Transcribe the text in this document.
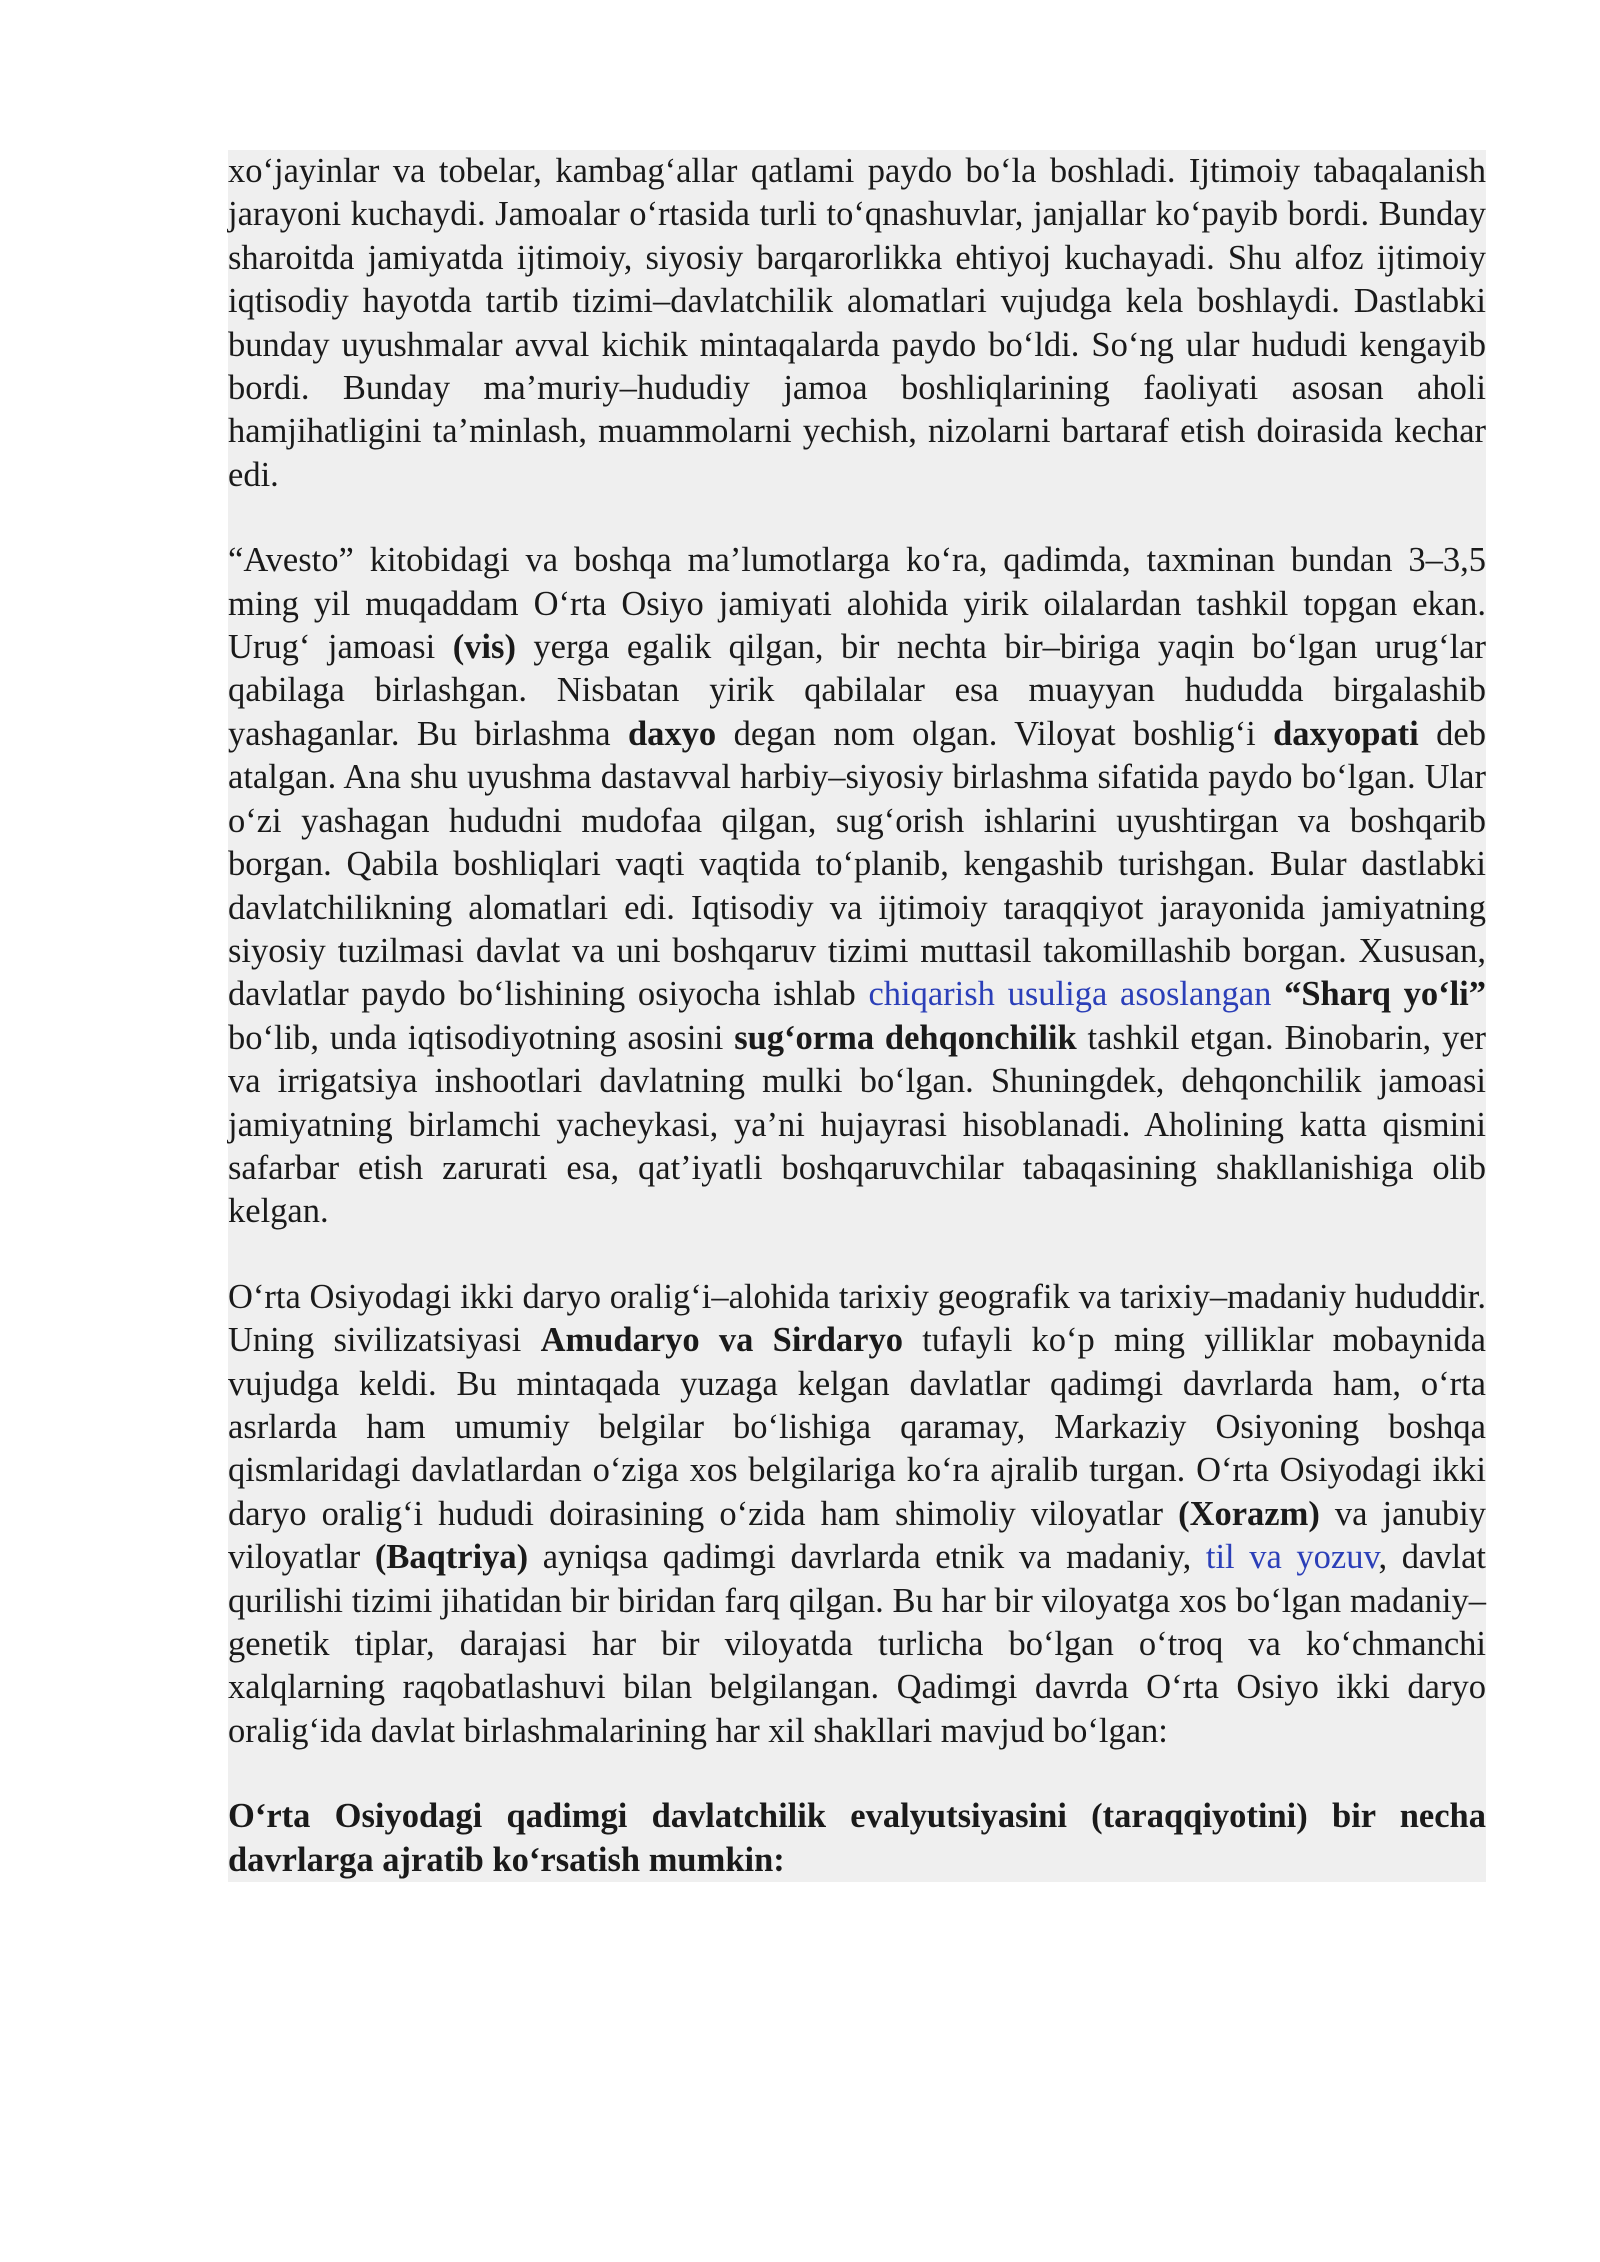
xo‘jayinlar va tobelar, kambag‘allar qatlami paydo bo‘la boshladi. Ijtimoiy tabaqalanish jarayoni kuchaydi. Jamoalar o‘rtasida turli to‘qnashuvlar, janjallar ko‘payib bordi. Bunday sharoitda jamiyatda ijtimoiy, siyosiy barqarorlikka ehtiyoj kuchayadi. Shu alfoz ijtimoiy iqtisodiy hayotda tartib tizimi–davlatchilik alomatlari vujudga kela boshlaydi. Dastlabki bunday uyushmalar avval kichik mintaqalarda paydo bo‘ldi. So‘ng ular hududi kengayib bordi. Bunday ma’muriy–hududiy jamoa boshliqlarining faoliyati asosan aholi hamjihatligini ta’minlash, muammolarni yechish, nizolarni bartaraf etish doirasida kechar edi.

“Avesto” kitobidagi va boshqa ma’lumotlarga ko‘ra, qadimda, taxminan bundan 3–3,5 ming yil muqaddam O‘rta Osiyo jamiyati alohida yirik oilalardan tashkil topgan ekan. Urug‘ jamoasi (vis) yerga egalik qilgan, bir nechta bir–biriga yaqin bo‘lgan urug‘lar qabilaga birlashgan. Nisbatan yirik qabilalar esa muayyan hududda birgalashib yashaganlar. Bu birlashma daxyo degan nom olgan. Viloyat boshlig‘i daxyopati deb atalgan. Ana shu uyushma dastavval harbiy–siyosiy birlashma sifatida paydo bo‘lgan. Ular o‘zi yashagan hududni mudofaa qilgan, sug‘orish ishlarini uyushtirgan va boshqarib borgan. Qabila boshliqlari vaqti vaqtida to‘planib, kengashib turishgan. Bular dastlabki davlatchilikning alomatlari edi. Iqtisodiy va ijtimoiy taraqqiyot jarayonida jamiyatning siyosiy tuzilmasi davlat va uni boshqaruv tizimi muttasil takomillashib borgan. Xususan, davlatlar paydo bo‘lishining osiyocha ishlab chiqarish usuliga asoslangan “Sharq yo‘li” bo‘lib, unda iqtisodiyotning asosini sug‘orma dehqonchilik tashkil etgan. Binobarin, yer va irrigatsiya inshootlari davlatning mulki bo‘lgan. Shuningdek, dehqonchilik jamoasi jamiyatning birlamchi yacheykasi, ya’ni hujayrasi hisoblanadi. Aholining katta qismini safarbar etish zarurati esa, qat’iyatli boshqaruvchilar tabaqasining shakllanishiga olib kelgan.

O‘rta Osiyodagi ikki daryo oralig‘i–alohida tarixiy geografik va tarixiy–madaniy hududdir. Uning sivilizatsiyasi Amudaryo va Sirdaryo tufayli ko‘p ming yilliklar mobaynida vujudga keldi. Bu mintaqada yuzaga kelgan davlatlar qadimgi davrlarda ham, o‘rta asrlarda ham umumiy belgilar bo‘lishiga qaramay, Markaziy Osiyoning boshqa qismlaridagi davlatlardan o‘ziga xos belgilariga ko‘ra ajralib turgan. O‘rta Osiyodagi ikki daryo oralig‘i hududi doirasining o‘zida ham shimoliy viloyatlar (Xorazm) va janubiy viloyatlar (Baqtriya) ayniqsa qadimgi davrlarda etnik va madaniy, til va yozuv, davlat qurilishi tizimi jihatidan bir biridan farq qilgan. Bu har bir viloyatga xos bo‘lgan madaniy–genetik tiplar, darajasi har bir viloyatda turlicha bo‘lgan o‘troq va ko‘chmanchi xalqlarning raqobatlashuvi bilan belgilangan. Qadimgi davrda O‘rta Osiyo ikki daryo oralig‘ida davlat birlashmalarining har xil shakllari mavjud bo‘lgan:

O‘rta Osiyodagi qadimgi davlatchilik evalyutsiyasini (taraqqiyotini) bir necha davrlarga ajratib ko‘rsatish mumkin:
